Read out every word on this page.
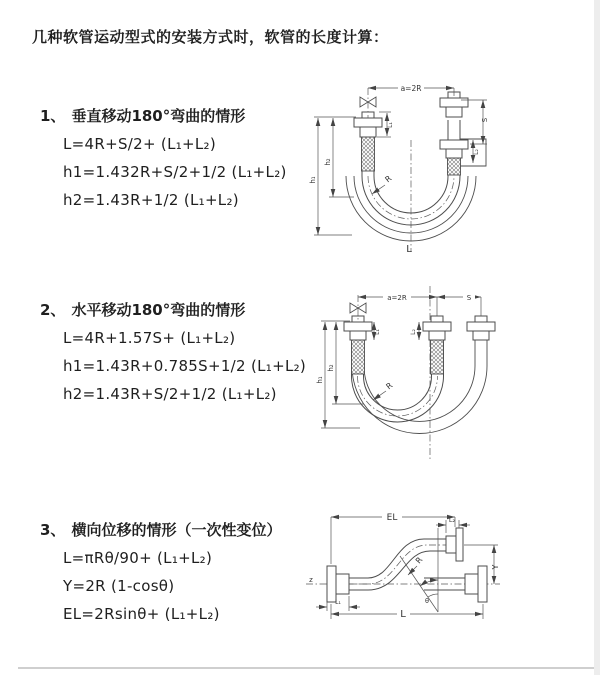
几种软管运动型式的安装方式时，软管的长度计算：
1、 垂直移动180°弯曲的情形
L=4R+S/2+ (L₁+L₂)
h1=1.432R+S/2+1/2 (L₁+L₂)
h2=1.43R+1/2 (L₁+L₂)
2、 水平移动180°弯曲的情形
L=4R+1.57S+ (L₁+L₂)
h1=1.43R+0.785S+1/2 (L₁+L₂)
h2=1.43R+S/2+1/2 (L₁+L₂)
3、 横向位移的情形（一次性变位）
L=πRθ/90+ (L₁+L₂)
Y=2R (1-cosθ)
EL=2Rsinθ+ (L₁+L₂)
a=2R
S
L₂
L₁
h₁
h₂
R
L
a=2R	S
h₁
h₂
L₁	L₂
R
θ
EL	L₂
Y
L
L₁
R
z
